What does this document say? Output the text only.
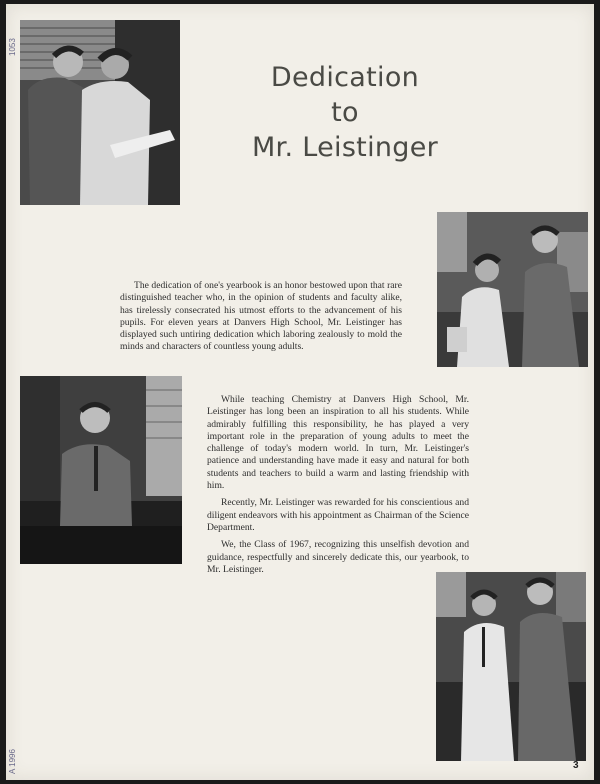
1053
A 1996
Dedication
to
Mr. Leistinger

The dedication of one's yearbook is an honor bestowed upon that rare distinguished teacher who, in the opinion of students and faculty alike, has tirelessly consecrated his utmost efforts to the advancement of his pupils. For eleven years at Danvers High School, Mr. Leistinger has displayed such untiring dedication which laboring zealously to mold the minds and characters of countless young adults.

While teaching Chemistry at Danvers High School, Mr. Leistinger has long been an inspiration to all his students. While admirably fulfilling this responsibility, he has played a very important role in the preparation of young adults to meet the challenge of today's modern world. In turn, Mr. Leistinger's patience and understanding have made it easy and natural for both students and teachers to build a warm and lasting friendship with him.

Recently, Mr. Leistinger was rewarded for his conscientious and diligent endeavors with his appointment as Chairman of the Science Department.

We, the Class of 1967, recognizing this unselfish devotion and guidance, respectfully and sincerely dedicate this, our yearbook, to Mr. Leistinger.

3
